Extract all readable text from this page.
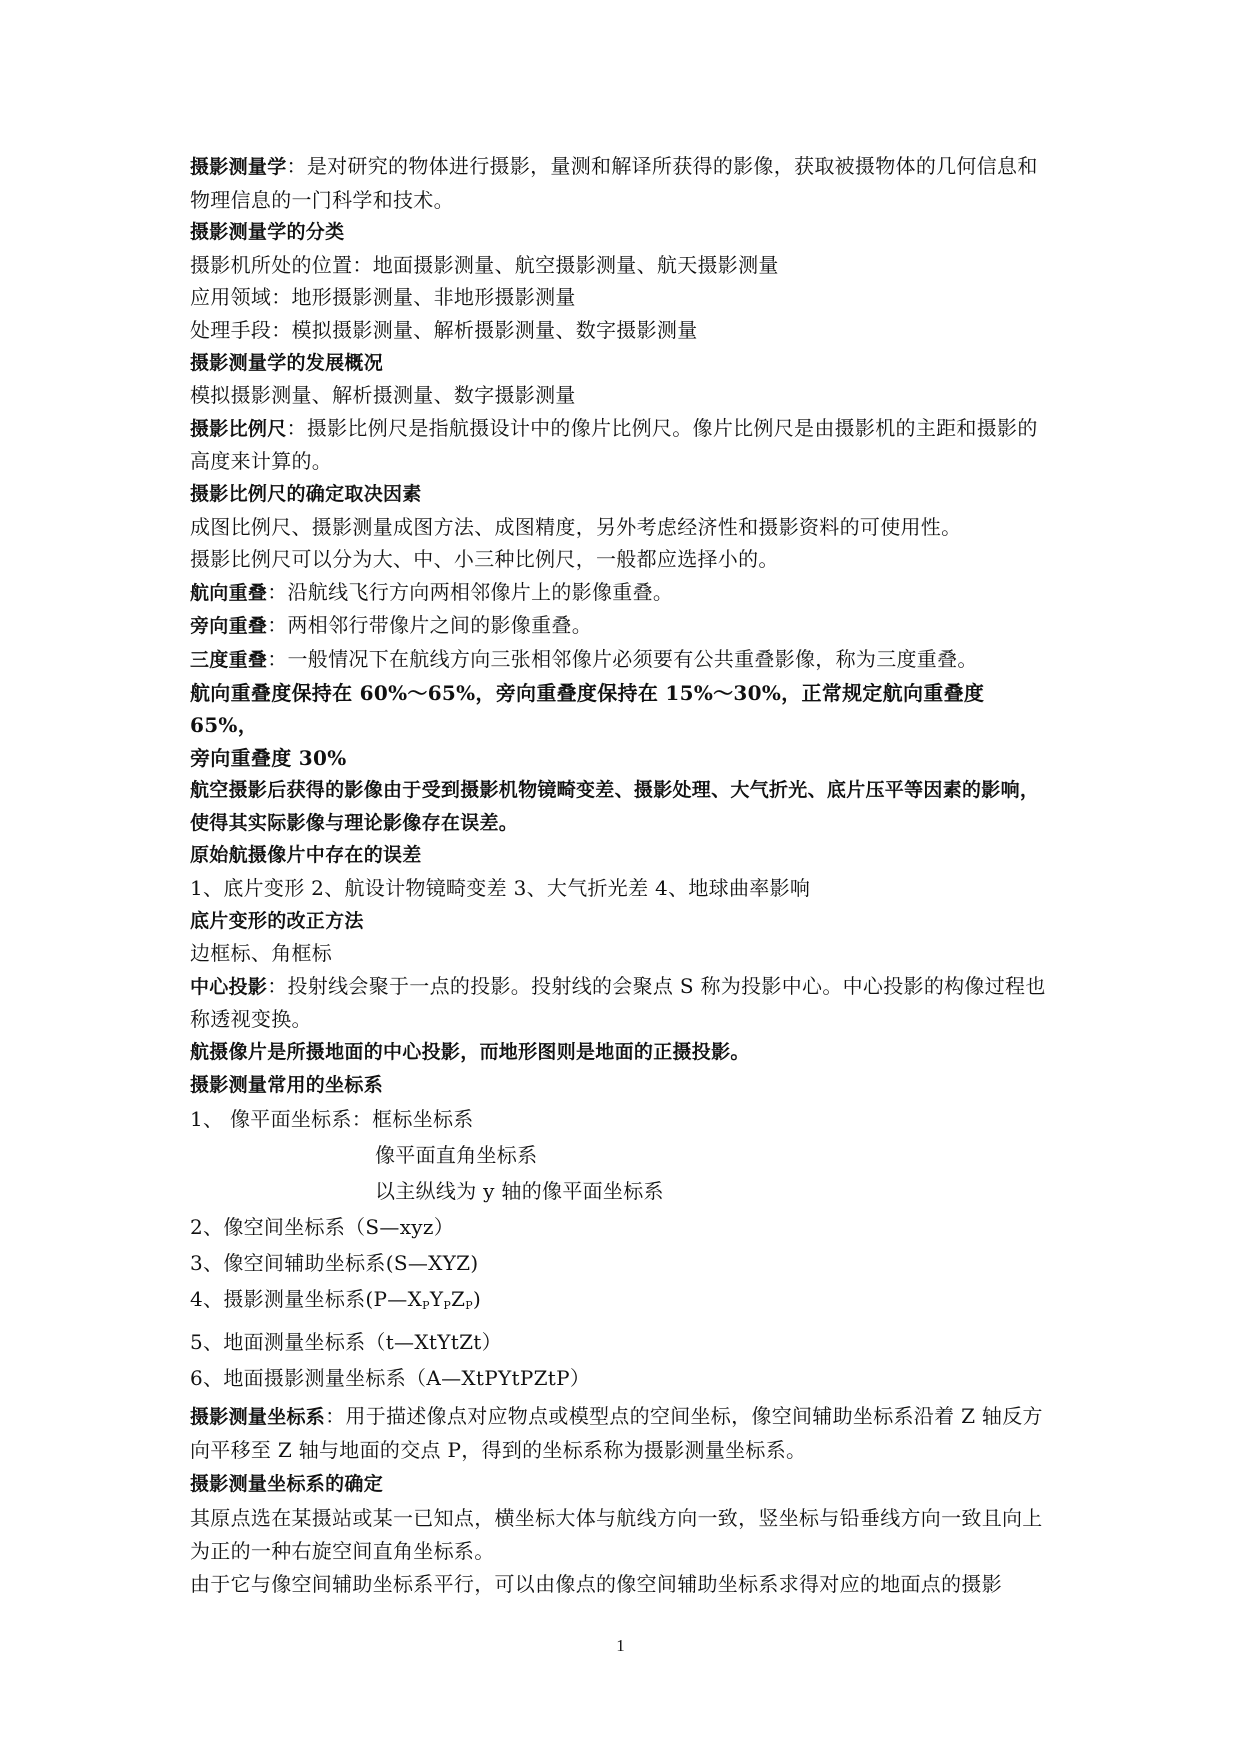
摄影测量学：是对研究的物体进行摄影，量测和解译所获得的影像，获取被摄物体的几何信息和物理信息的一门科学和技术。

摄影测量学的分类

摄影机所处的位置：地面摄影测量、航空摄影测量、航天摄影测量

应用领域：地形摄影测量、非地形摄影测量

处理手段：模拟摄影测量、解析摄影测量、数字摄影测量

摄影测量学的发展概况

模拟摄影测量、解析摄测量、数字摄影测量

摄影比例尺：摄影比例尺是指航摄设计中的像片比例尺。像片比例尺是由摄影机的主距和摄影的高度来计算的。

摄影比例尺的确定取决因素

成图比例尺、摄影测量成图方法、成图精度，另外考虑经济性和摄影资料的可使用性。

摄影比例尺可以分为大、中、小三种比例尺，一般都应选择小的。

航向重叠：沿航线飞行方向两相邻像片上的影像重叠。

旁向重叠：两相邻行带像片之间的影像重叠。

三度重叠：一般情况下在航线方向三张相邻像片必须要有公共重叠影像，称为三度重叠。

航向重叠度保持在 60%～65%，旁向重叠度保持在 15%～30%，正常规定航向重叠度 65%，

旁向重叠度 30%

航空摄影后获得的影像由于受到摄影机物镜畸变差、摄影处理、大气折光、底片压平等因素的影响，使得其实际影像与理论影像存在误差。

原始航摄像片中存在的误差

1、底片变形 2、航设计物镜畸变差 3、大气折光差 4、地球曲率影响

底片变形的改正方法

边框标、角框标

中心投影：投射线会聚于一点的投影。投射线的会聚点 S 称为投影中心。中心投影的构像过程也称透视变换。

航摄像片是所摄地面的中心投影，而地形图则是地面的正摄投影。

摄影测量常用的坐标系

1、 像平面坐标系：框标坐标系

像平面直角坐标系

以主纵线为 y 轴的像平面坐标系

2、像空间坐标系（S—xyz）

3、像空间辅助坐标系(S—XYZ)

4、摄影测量坐标系$(P—X_PY_PZ_P)$

5、地面测量坐标系（t—XtYtZt）

6、地面摄影测量坐标系（A—XtPYtPZtP）

摄影测量坐标系：用于描述像点对应物点或模型点的空间坐标，像空间辅助坐标系沿着 Z 轴反方向平移至 Z 轴与地面的交点 P，得到的坐标系称为摄影测量坐标系。

摄影测量坐标系的确定

其原点选在某摄站或某一已知点，横坐标大体与航线方向一致，竖坐标与铅垂线方向一致且向上为正的一种右旋空间直角坐标系。

由于它与像空间辅助坐标系平行，可以由像点的像空间辅助坐标系求得对应的地面点的摄影

1
